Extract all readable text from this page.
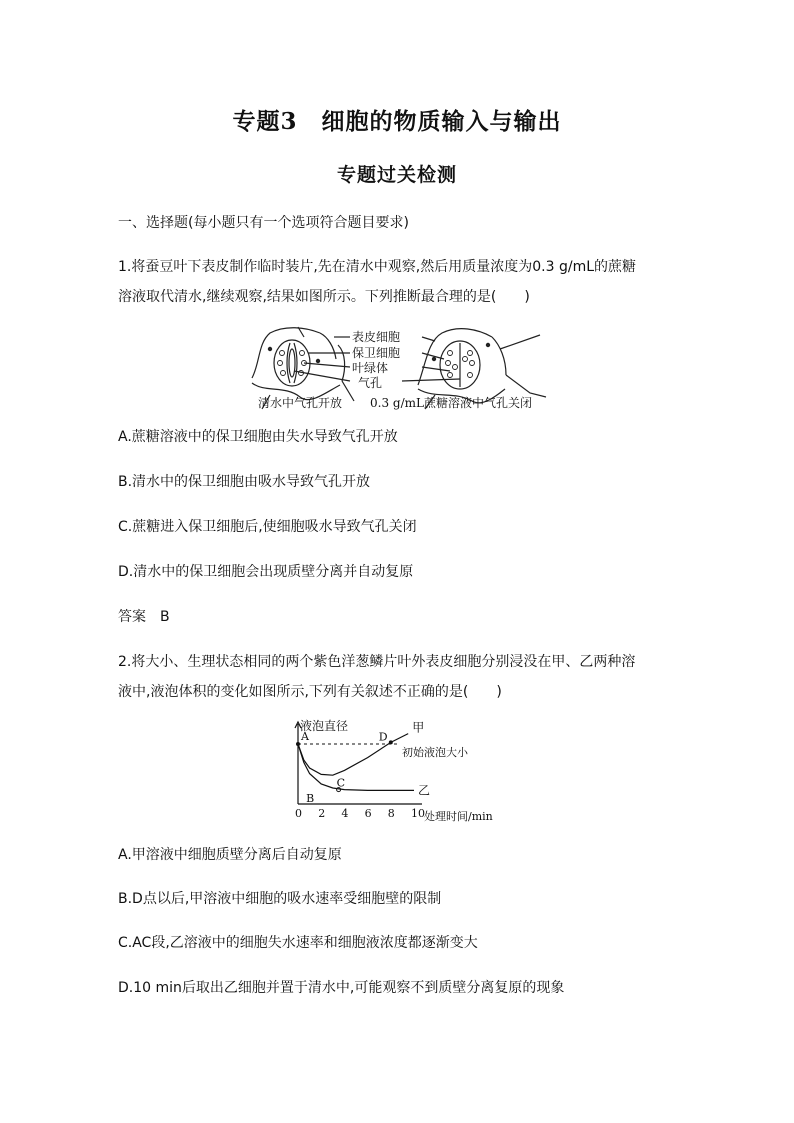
专题3　细胞的物质输入与输出
专题过关检测
一、选择题(每小题只有一个选项符合题目要求)
1.将蚕豆叶下表皮制作临时装片,先在清水中观察,然后用质量浓度为0.3 g/mL的蔗糖
溶液取代清水,继续观察,结果如图所示。下列推断最合理的是(　　)
表皮细胞
保卫细胞
叶绿体
气孔
清水中气孔开放 0.3 g/mL蔗糖溶液中气孔关闭
A.蔗糖溶液中的保卫细胞由失水导致气孔开放
B.清水中的保卫细胞由吸水导致气孔开放
C.蔗糖进入保卫细胞后,使细胞吸水导致气孔关闭
D.清水中的保卫细胞会出现质壁分离并自动复原
答案　B
2.将大小、生理状态相同的两个紫色洋葱鳞片叶外表皮细胞分别浸没在甲、乙两种溶
液中,液泡体积的变化如图所示,下列有关叙述不正确的是(　　)
液泡直径
处理时间/min
0 2 4 6 8 10
初始液泡大小
甲
乙
A
B
C
D
A.甲溶液中细胞质壁分离后自动复原
B.D点以后,甲溶液中细胞的吸水速率受细胞壁的限制
C.AC段,乙溶液中的细胞失水速率和细胞液浓度都逐渐变大
D.10 min后取出乙细胞并置于清水中,可能观察不到质壁分离复原的现象
